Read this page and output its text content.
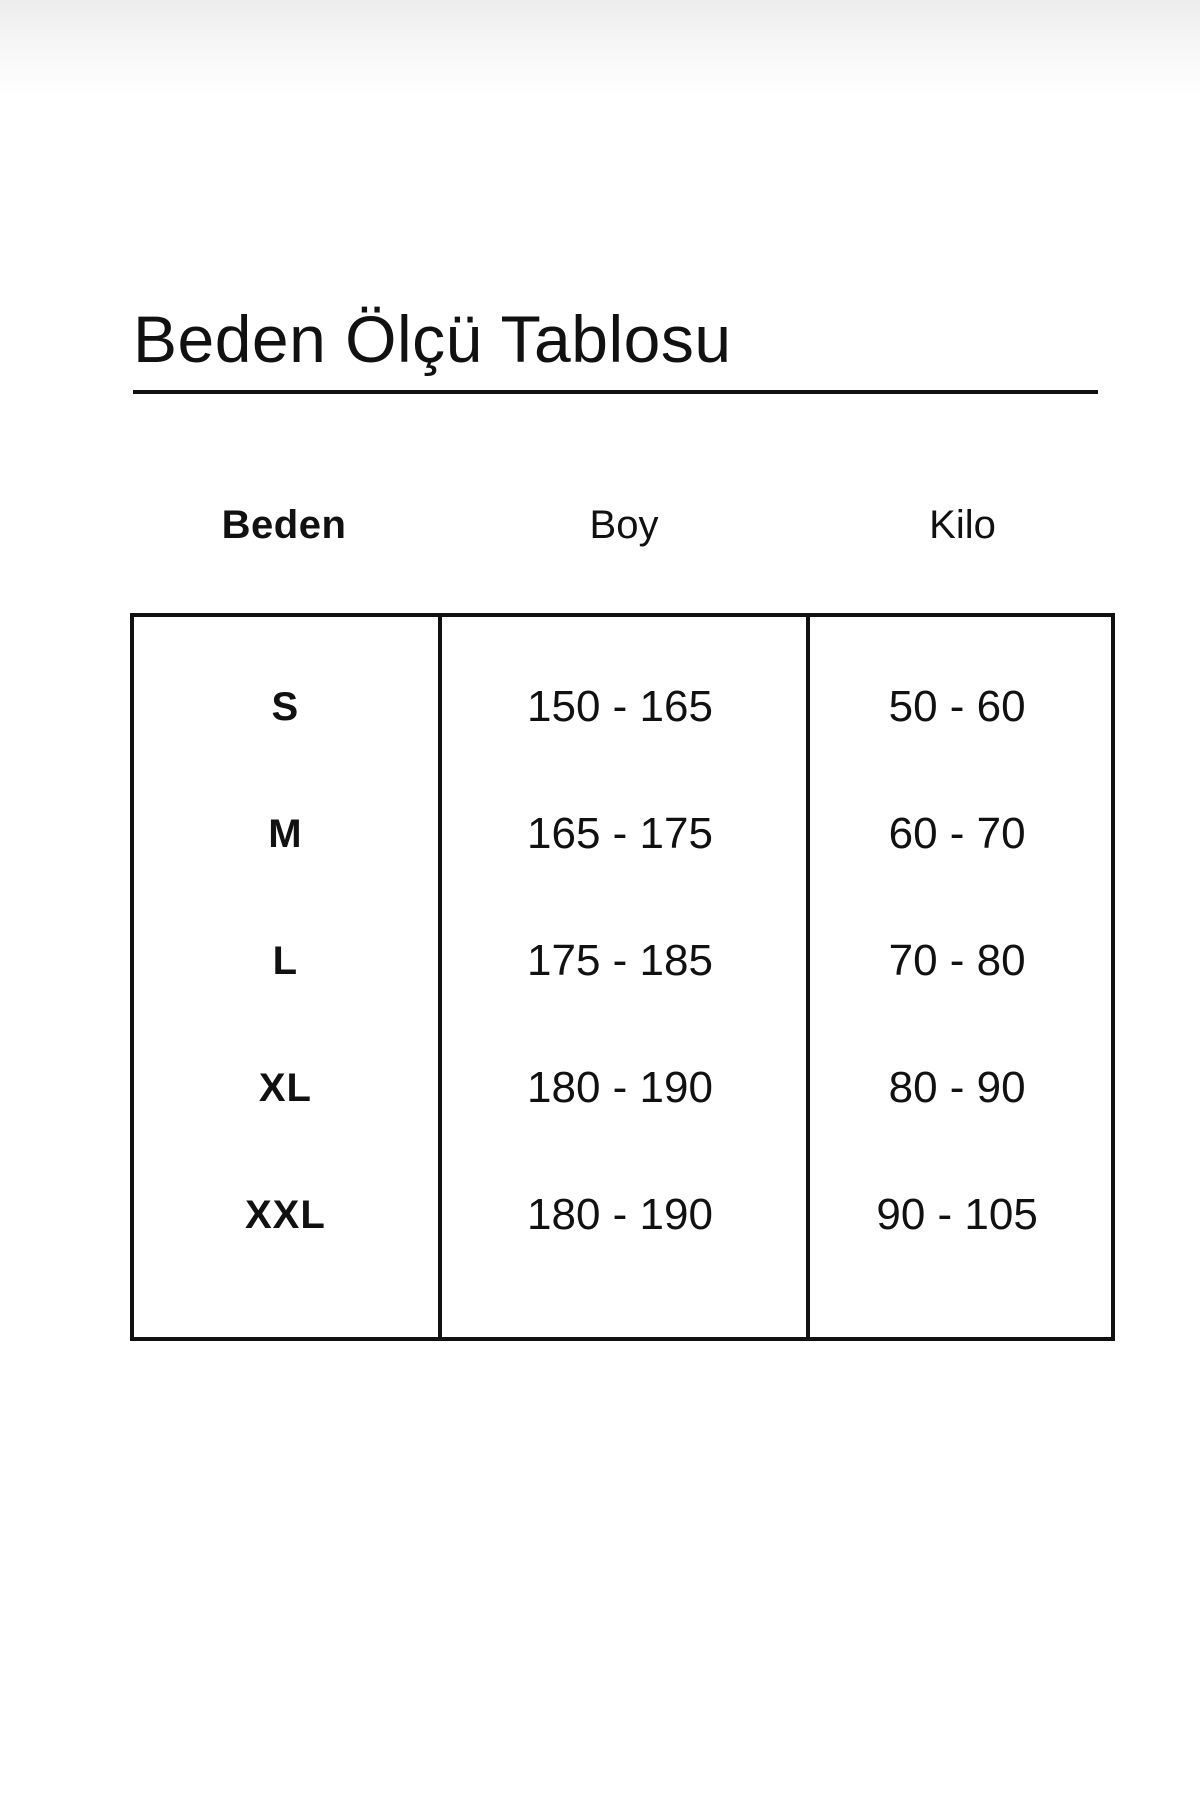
Beden Ölçü Tablosu
Beden	Boy	Kilo
S	150 - 165	50 - 60
M	165 - 175	60 - 70
L	175 - 185	70 - 80
XL	180 - 190	80 - 90
XXL	180 - 190	90 - 105
